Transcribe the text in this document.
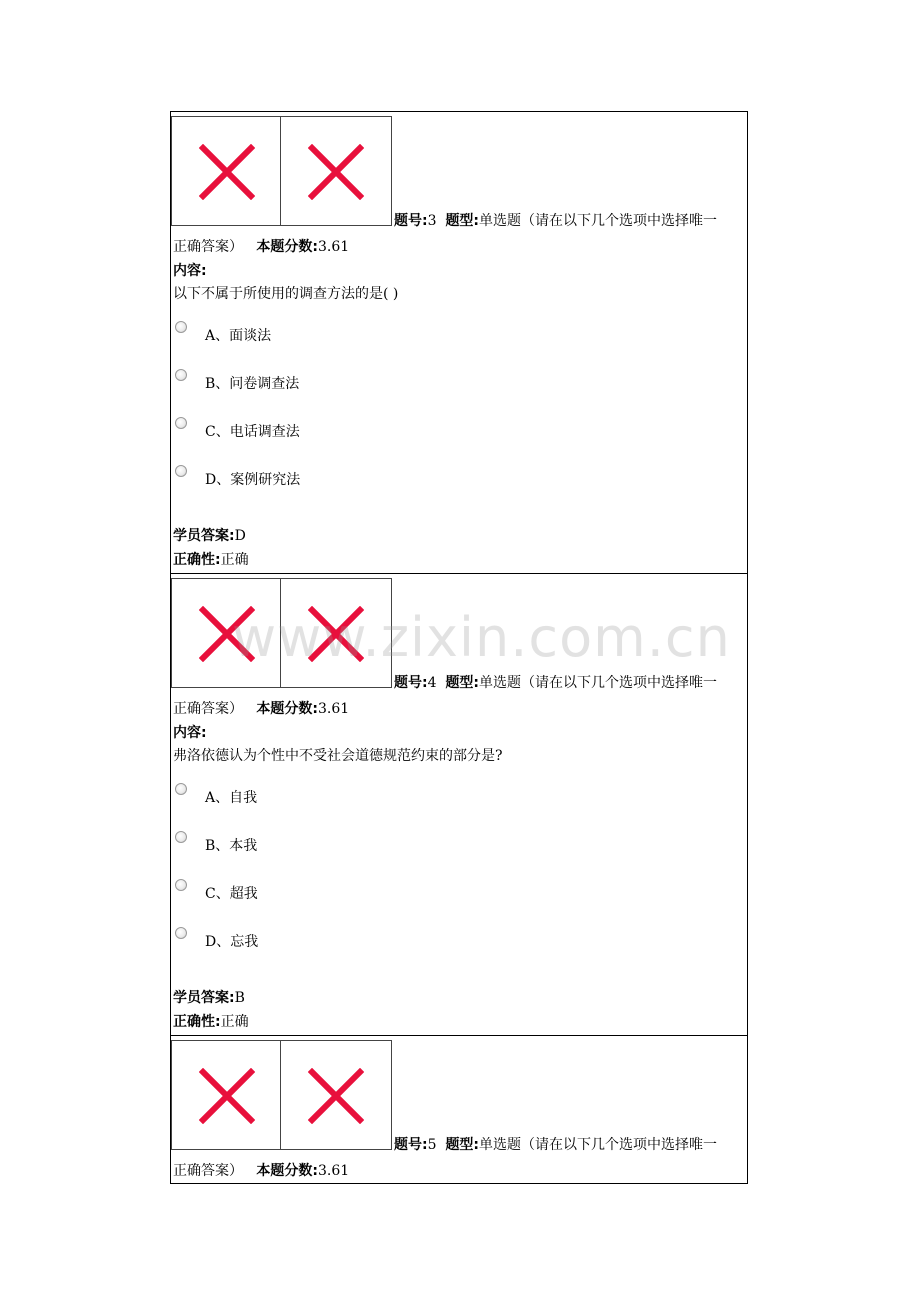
题号:3 题型:单选题（请在以下几个选项中选择唯一
正确答案） 本题分数:3.61
内容:
以下不属于所使用的调查方法的是( )
A、面谈法
B、问卷调查法
C、电话调查法
D、案例研究法
学员答案:D
正确性:正确
题号:4 题型:单选题（请在以下几个选项中选择唯一
正确答案） 本题分数:3.61
内容:
弗洛依德认为个性中不受社会道德规范约束的部分是?
A、自我
B、本我
C、超我
D、忘我
学员答案:B
正确性:正确
题号:5 题型:单选题（请在以下几个选项中选择唯一
正确答案） 本题分数:3.61
www.zixin.com.cn
